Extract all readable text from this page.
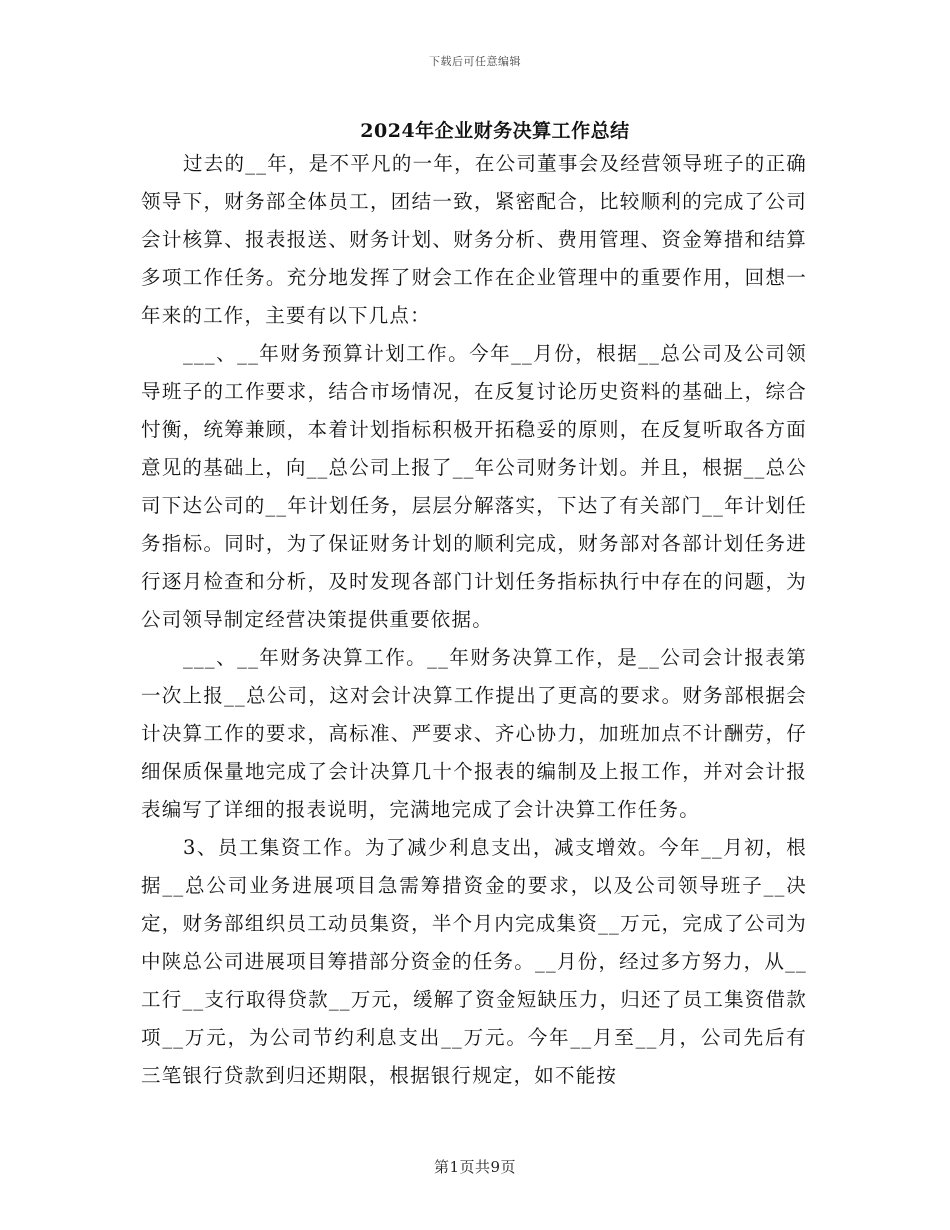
下载后可任意编辑
2024年企业财务决算工作总结

过去的__年，是不平凡的一年，在公司董事会及经营领导班子的正确领导下，财务部全体员工，团结一致，紧密配合，比较顺利的完成了公司会计核算、报表报送、财务计划、财务分析、费用管理、资金筹措和结算多项工作任务。充分地发挥了财会工作在企业管理中的重要作用，回想一年来的工作，主要有以下几点：

___、__年财务预算计划工作。今年__月份，根据__总公司及公司领导班子的工作要求，结合市场情况，在反复讨论历史资料的基础上，综合忖衡，统筹兼顾，本着计划指标积极开拓稳妥的原则，在反复听取各方面意见的基础上，向__总公司上报了__年公司财务计划。并且，根据__总公司下达公司的__年计划任务，层层分解落实，下达了有关部门__年计划任务指标。同时，为了保证财务计划的顺利完成，财务部对各部计划任务进行逐月检查和分析，及时发现各部门计划任务指标执行中存在的问题，为公司领导制定经营决策提供重要依据。

___、__年财务决算工作。__年财务决算工作，是__公司会计报表第一次上报__总公司，这对会计决算工作提出了更高的要求。财务部根据会计决算工作的要求，高标准、严要求、齐心协力，加班加点不计酬劳，仔细保质保量地完成了会计决算几十个报表的编制及上报工作，并对会计报表编写了详细的报表说明，完满地完成了会计决算工作任务。

3、员工集资工作。为了减少利息支出，减支增效。今年__月初，根据__总公司业务进展项目急需筹措资金的要求，以及公司领导班子__决定，财务部组织员工动员集资，半个月内完成集资__万元，完成了公司为中陕总公司进展项目筹措部分资金的任务。__月份，经过多方努力，从__工行__支行取得贷款__万元，缓解了资金短缺压力，归还了员工集资借款项__万元，为公司节约利息支出__万元。今年__月至__月，公司先后有三笔银行贷款到归还期限，根据银行规定，如不能按

第1页共9页
